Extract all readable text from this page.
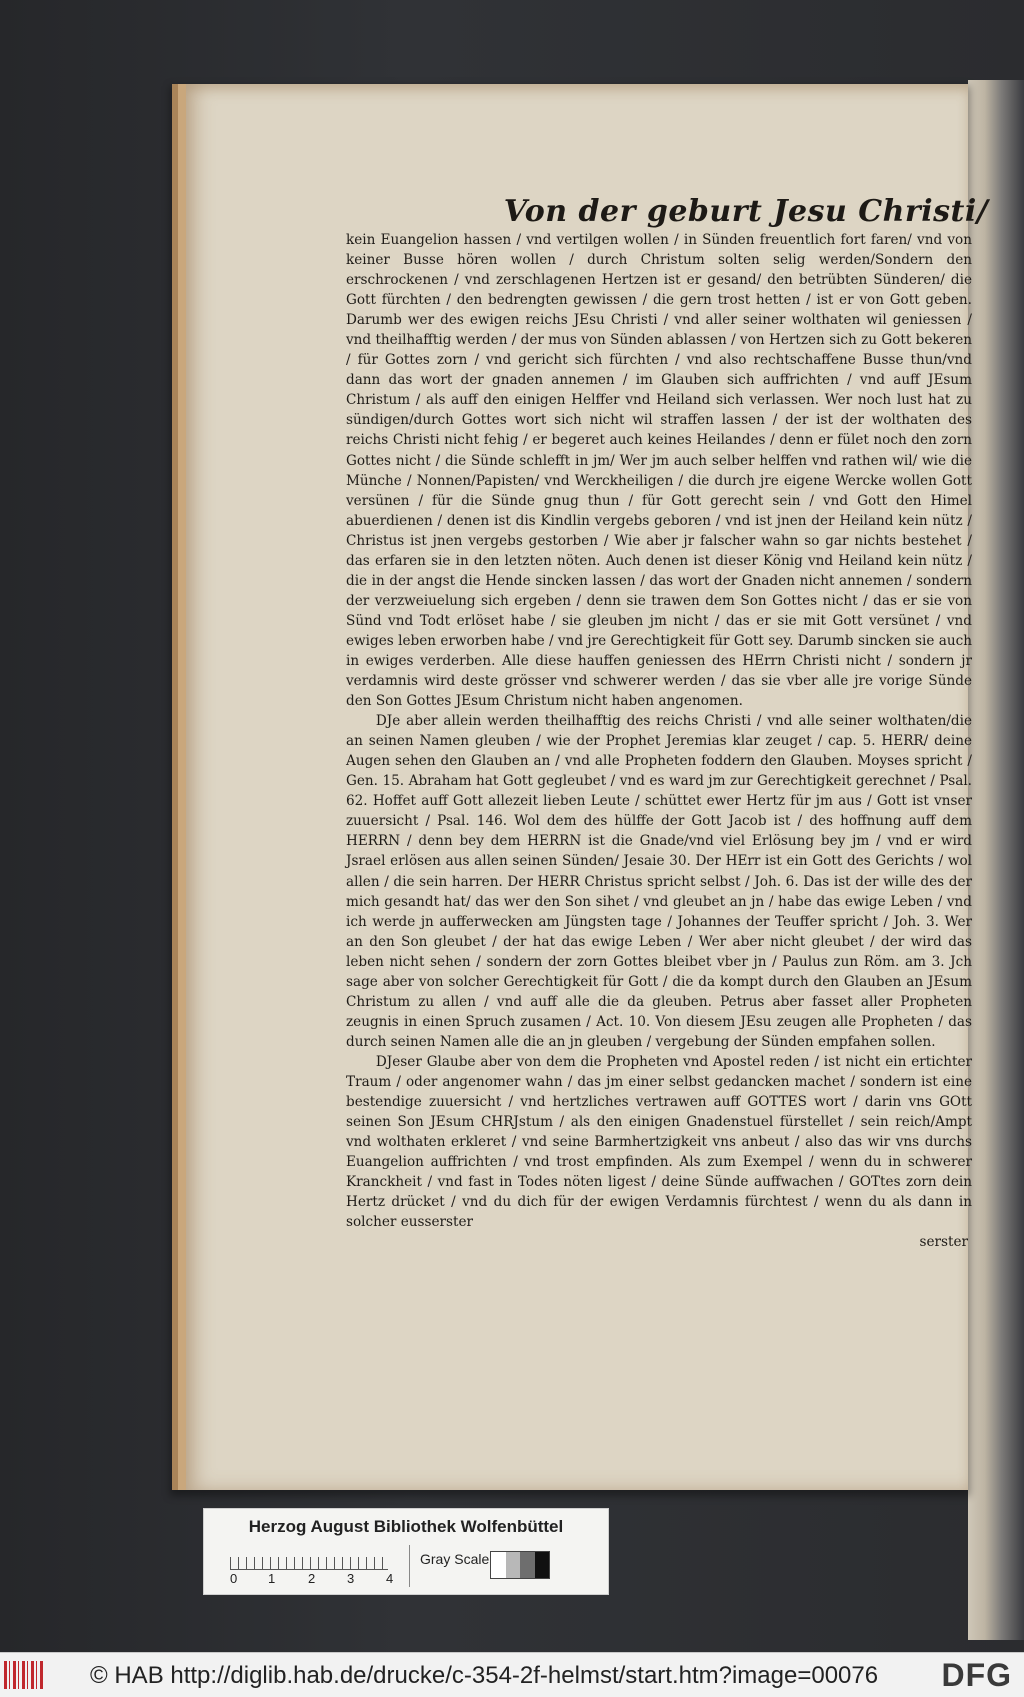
Von der geburt Jesu Christi/

kein Euangelion hassen / vnd vertilgen wollen / in Sünden freuentlich fort faren/ vnd von keiner Busse hören wollen / durch Christum solten selig werden/Sondern den erschrockenen / vnd zerschlagenen Hertzen ist er gesand/ den betrübten Sünderen/ die Gott fürchten / den bedrengten gewissen / die gern trost hetten / ist er von Gott geben. Darumb wer des ewigen reichs JEsu Christi / vnd aller seiner wolthaten wil geniessen / vnd theilhafftig werden / der mus von Sünden ablassen / von Hertzen sich zu Gott bekeren / für Gottes zorn / vnd gericht sich fürchten / vnd also rechtschaffene Busse thun/vnd dann das wort der gnaden annemen / im Glauben sich auffrichten / vnd auff JEsum Christum / als auff den einigen Helffer vnd Heiland sich verlassen. Wer noch lust hat zu sündigen/durch Gottes wort sich nicht wil straffen lassen / der ist der wolthaten des reichs Christi nicht fehig / er begeret auch keines Heilandes / denn er fület noch den zorn Gottes nicht / die Sünde schlefft in jm/ Wer jm auch selber helffen vnd rathen wil/ wie die Münche / Nonnen/Papisten/ vnd Werckheiligen / die durch jre eigene Wercke wollen Gott versünen / für die Sünde gnug thun / für Gott gerecht sein / vnd Gott den Himel abuerdienen / denen ist dis Kindlin vergebs geboren / vnd ist jnen der Heiland kein nütz / Christus ist jnen vergebs gestorben / Wie aber jr falscher wahn so gar nichts bestehet / das erfaren sie in den letzten nöten. Auch denen ist dieser König vnd Heiland kein nütz / die in der angst die Hende sincken lassen / das wort der Gnaden nicht annemen / sondern der verzweiuelung sich ergeben / denn sie trawen dem Son Gottes nicht / das er sie von Sünd vnd Todt erlöset habe / sie gleuben jm nicht / das er sie mit Gott versünet / vnd ewiges leben erworben habe / vnd jre Gerechtigkeit für Gott sey. Darumb sincken sie auch in ewiges verderben. Alle diese hauffen geniessen des HErrn Christi nicht / sondern jr verdamnis wird deste grösser vnd schwerer werden / das sie vber alle jre vorige Sünde den Son Gottes JEsum Christum nicht haben angenomen.

DJe aber allein werden theilhafftig des reichs Christi / vnd alle seiner wolthaten/die an seinen Namen gleuben / wie der Prophet Jeremias klar zeuget / cap. 5. HERR/ deine Augen sehen den Glauben an / vnd alle Propheten foddern den Glauben. Moyses spricht / Gen. 15. Abraham hat Gott gegleubet / vnd es ward jm zur Gerechtigkeit gerechnet / Psal. 62. Hoffet auff Gott allezeit lieben Leute / schüttet ewer Hertz für jm aus / Gott ist vnser zuuersicht / Psal. 146. Wol dem des hülffe der Gott Jacob ist / des hoffnung auff dem HERRN / denn bey dem HERRN ist die Gnade/vnd viel Erlösung bey jm / vnd er wird Jsrael erlösen aus allen seinen Sünden/ Jesaie 30. Der HErr ist ein Gott des Gerichts / wol allen / die sein harren. Der HERR Christus spricht selbst / Joh. 6. Das ist der wille des der mich gesandt hat/ das wer den Son sihet / vnd gleubet an jn / habe das ewige Leben / vnd ich werde jn aufferwecken am Jüngsten tage / Johannes der Teuffer spricht / Joh. 3. Wer an den Son gleubet / der hat das ewige Leben / Wer aber nicht gleubet / der wird das leben nicht sehen / sondern der zorn Gottes bleibet vber jn / Paulus zun Röm. am 3. Jch sage aber von solcher Gerechtigkeit für Gott / die da kompt durch den Glauben an JEsum Christum zu allen / vnd auff alle die da gleuben. Petrus aber fasset aller Propheten zeugnis in einen Spruch zusamen / Act. 10. Von diesem JEsu zeugen alle Propheten / das durch seinen Namen alle die an jn gleuben / vergebung der Sünden empfahen sollen.

DJeser Glaube aber von dem die Propheten vnd Apostel reden / ist nicht ein ertichter Traum / oder angenomer wahn / das jm einer selbst gedancken machet / sondern ist eine bestendige zuuersicht / vnd hertzliches vertrawen auff GOTTES wort / darin vns GOtt seinen Son JEsum CHRJstum / als den einigen Gnadenstuel fürstellet / sein reich/Ampt vnd wolthaten erkleret / vnd seine Barmhertzigkeit vns anbeut / also das wir vns durchs Euangelion auffrichten / vnd trost empfinden. Als zum Exempel / wenn du in schwerer Kranckheit / vnd fast in Todes nöten ligest / deine Sünde auffwachen / GOTtes zorn dein Hertz drücket / vnd du dich für der ewigen Verdamnis fürchtest / wenn du als dann in solcher eusserster

serster
Herzog August Bibliothek Wolfenbüttel
0 1	2 3 4
Gray Scale
© HAB http://diglib.hab.de/drucke/c-354-2f-helmst/start.htm?image=00076 DFG
